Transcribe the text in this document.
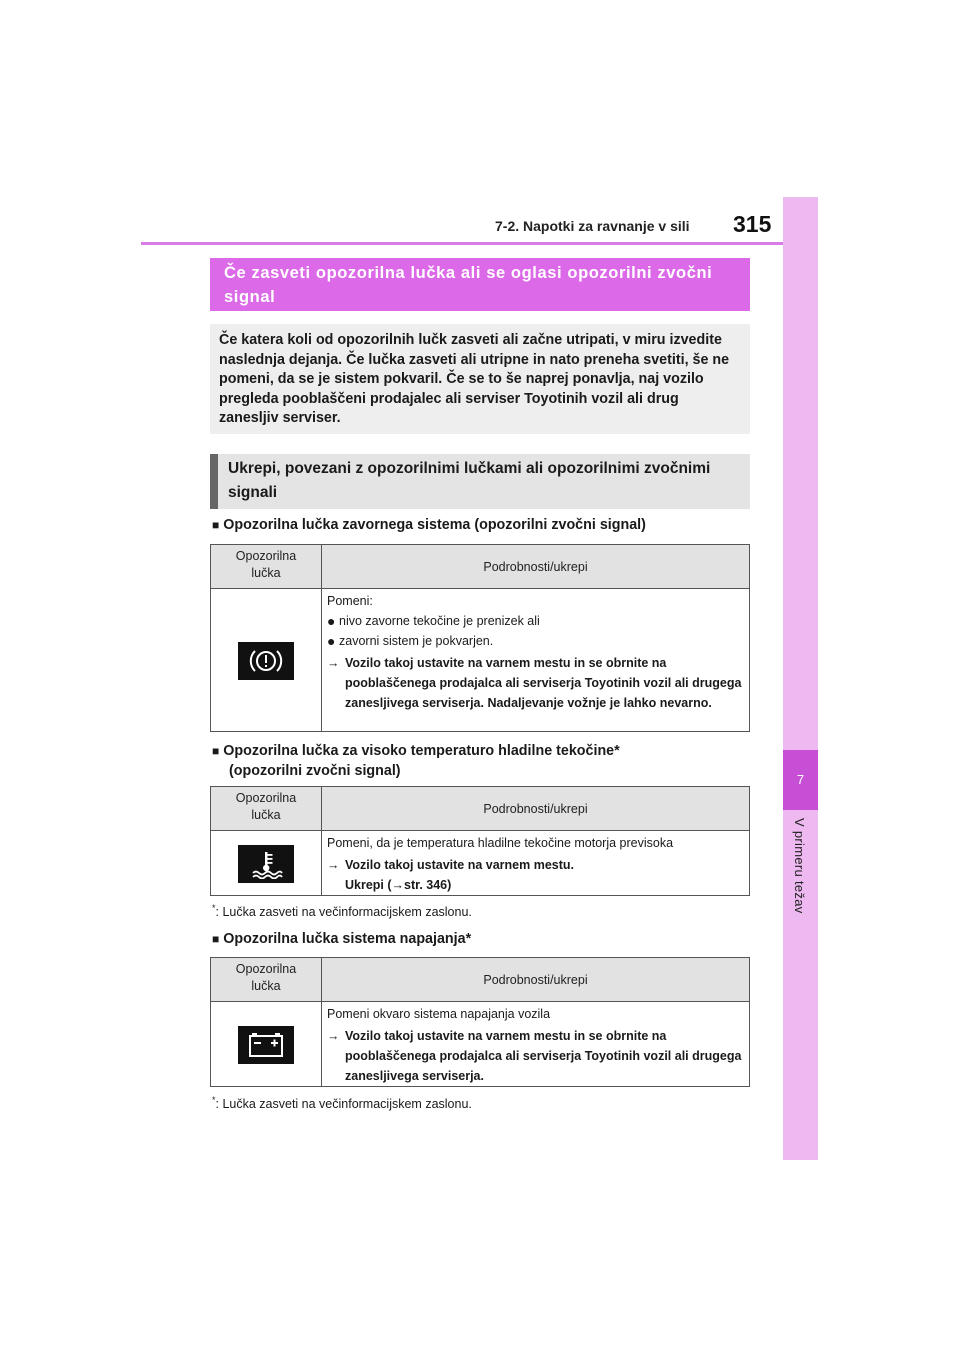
7-2. Napotki za ravnanje v sili 315
7
V primeru težav
Če zasveti opozorilna lučka ali se oglasi opozorilni zvočni signal
Če katera koli od opozorilnih lučk zasveti ali začne utripati, v miru izvedite naslednja dejanja. Če lučka zasveti ali utripne in nato preneha svetiti, še ne pomeni, da se je sistem pokvaril. Če se to še naprej ponavlja, naj vozilo pregleda pooblaščeni prodajalec ali serviser Toyotinih vozil ali drug zanesljiv serviser.
Ukrepi, povezani z opozorilnimi lučkami ali opozorilnimi zvočnimi signali
■ Opozorilna lučka zavornega sistema (opozorilni zvočni signal)
Opozorilna
lučka	Podrobnosti/ukrepi
Pomeni:
● nivo zavorne tekočine je prenizek ali
● zavorni sistem je pokvarjen.
→ Vozilo takoj ustavite na varnem mestu in se obrnite na pooblaščenega prodajalca ali serviserja Toyotinih vozil ali drugega zanesljivega serviserja. Nadaljevanje vožnje je lahko nevarno.
■ Opozorilna lučka za visoko temperaturo hladilne tekočine*
(opozorilni zvočni signal)
Opozorilna
lučka	Podrobnosti/ukrepi
Pomeni, da je temperatura hladilne tekočine motorja previsoka
→ Vozilo takoj ustavite na varnem mestu.
Ukrepi (→str. 346)
*: Lučka zasveti na večinformacijskem zaslonu.
■ Opozorilna lučka sistema napajanja*
Opozorilna
lučka	Podrobnosti/ukrepi
Pomeni okvaro sistema napajanja vozila
→ Vozilo takoj ustavite na varnem mestu in se obrnite na pooblaščenega prodajalca ali serviserja Toyotinih vozil ali drugega zanesljivega serviserja.
*: Lučka zasveti na večinformacijskem zaslonu.
